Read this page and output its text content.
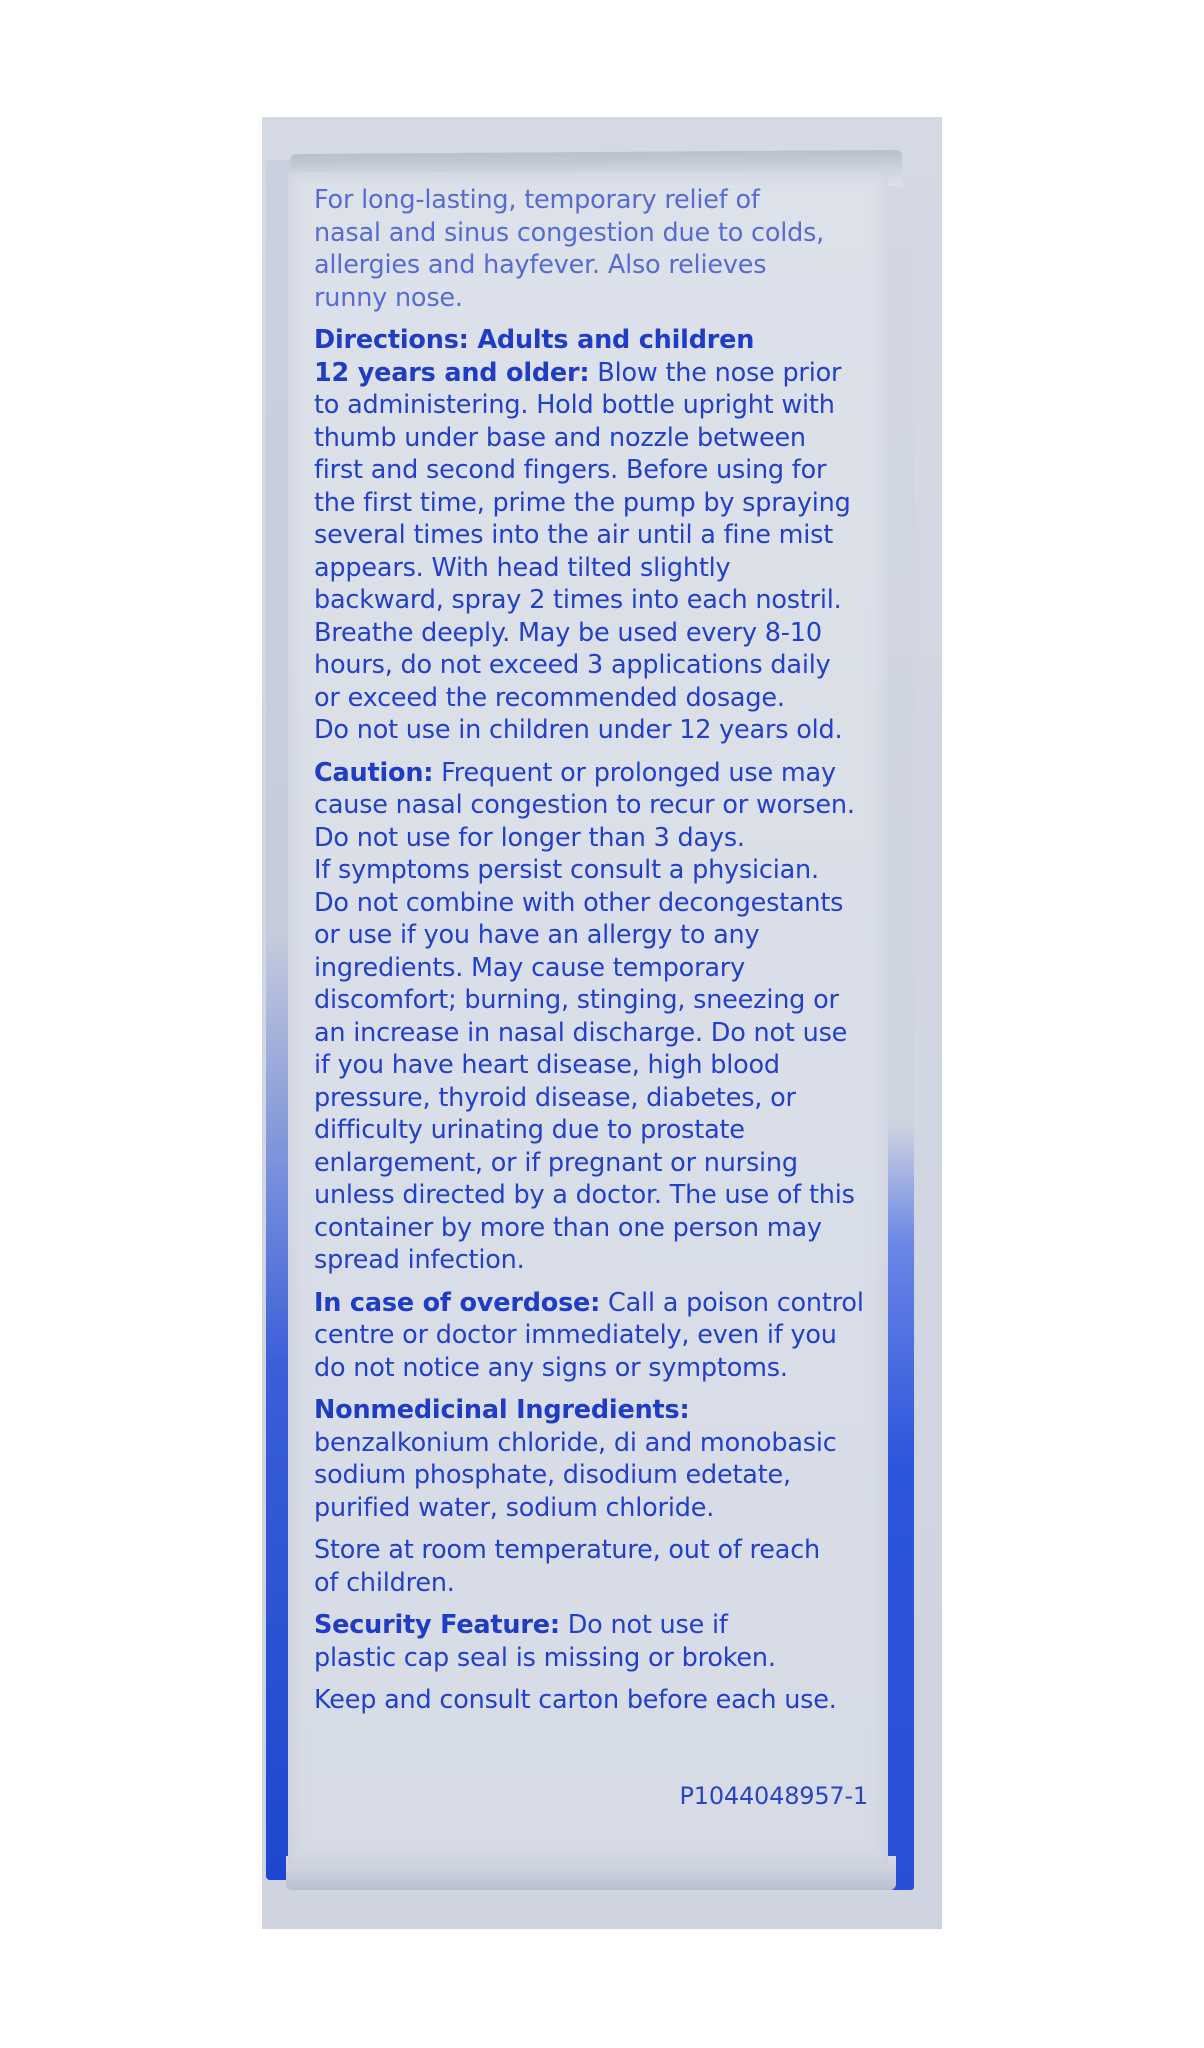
For long-lasting, temporary relief of
nasal and sinus congestion due to colds,
allergies and hayfever. Also relieves
runny nose.

Directions: Adults and children
12 years and older: Blow the nose prior
to administering. Hold bottle upright with
thumb under base and nozzle between
first and second fingers. Before using for
the first time, prime the pump by spraying
several times into the air until a fine mist
appears. With head tilted slightly
backward, spray 2 times into each nostril.
Breathe deeply. May be used every 8-10
hours, do not exceed 3 applications daily
or exceed the recommended dosage.
Do not use in children under 12 years old.

Caution: Frequent or prolonged use may
cause nasal congestion to recur or worsen.
Do not use for longer than 3 days.
If symptoms persist consult a physician.
Do not combine with other decongestants
or use if you have an allergy to any
ingredients. May cause temporary
discomfort; burning, stinging, sneezing or
an increase in nasal discharge. Do not use
if you have heart disease, high blood
pressure, thyroid disease, diabetes, or
difficulty urinating due to prostate
enlargement, or if pregnant or nursing
unless directed by a doctor. The use of this
container by more than one person may
spread infection.

In case of overdose: Call a poison control
centre or doctor immediately, even if you
do not notice any signs or symptoms.

Nonmedicinal Ingredients:
benzalkonium chloride, di and monobasic
sodium phosphate, disodium edetate,
purified water, sodium chloride.

Store at room temperature, out of reach
of children.

Security Feature: Do not use if
plastic cap seal is missing or broken.

Keep and consult carton before each use.

P1044048957-1
